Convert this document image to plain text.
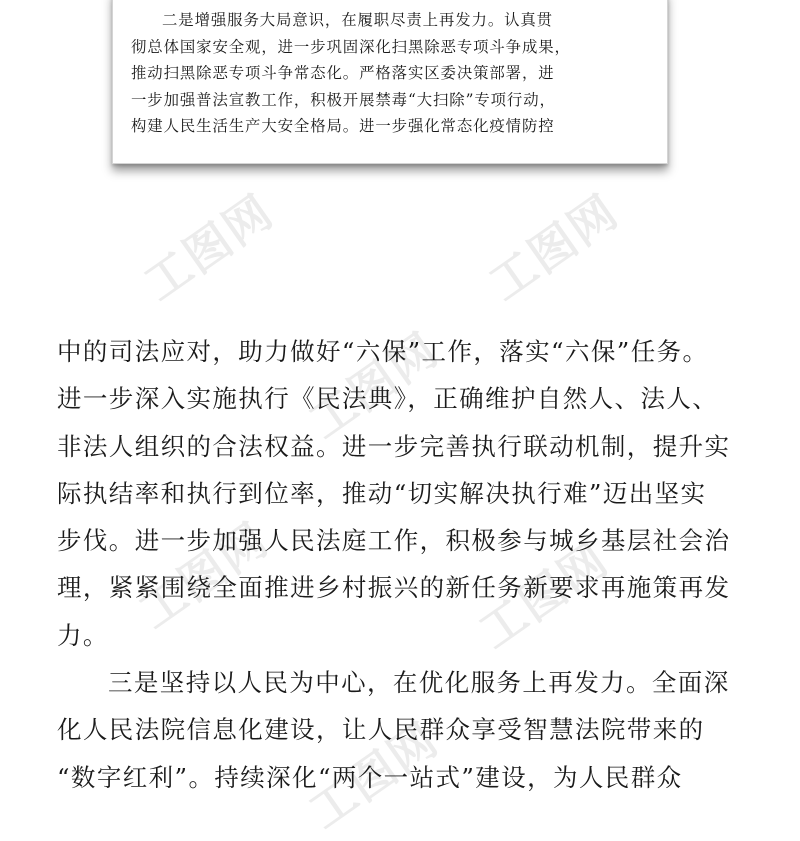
工图网	工图网
工图网
工图网	工图网
工图网
二是增强服务大局意识，在履职尽责上再发力。认真贯
彻总体国家安全观，进一步巩固深化扫黑除恶专项斗争成果，
推动扫黑除恶专项斗争常态化。严格落实区委决策部署，进
一步加强普法宣教工作，积极开展禁毒“大扫除”专项行动，
构建人民生活生产大安全格局。进一步强化常态化疫情防控
中的司法应对，助力做好“六保”工作，落实“六保”任务。
进一步深入实施执行《民法典》，正确维护自然人、法人、
非法人组织的合法权益。进一步完善执行联动机制，提升实
际执结率和执行到位率，推动“切实解决执行难”迈出坚实
步伐。进一步加强人民法庭工作，积极参与城乡基层社会治
理，紧紧围绕全面推进乡村振兴的新任务新要求再施策再发
力。
三是坚持以人民为中心，在优化服务上再发力。全面深
化人民法院信息化建设，让人民群众享受智慧法院带来的
“数字红利”。持续深化“两个一站式”建设，为人民群众
